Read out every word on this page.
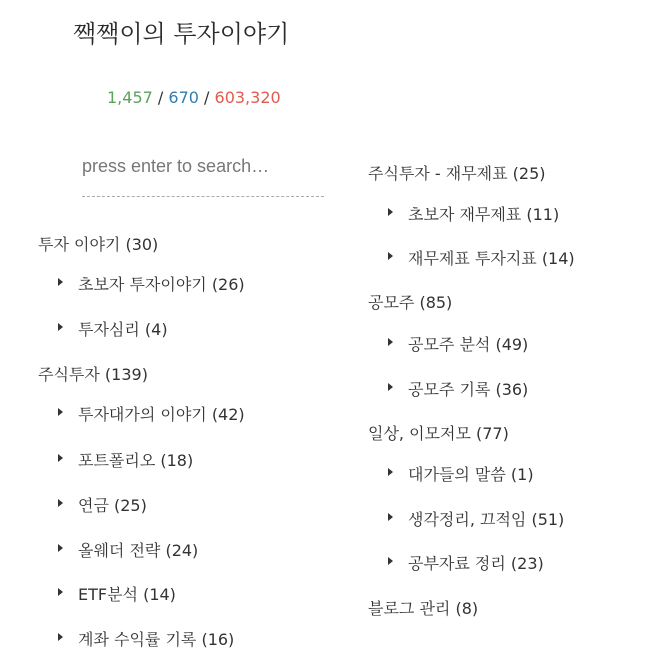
짹짹이의 투자이야기
1,457 / 670 / 603,320
press enter to search…
투자 이야기 (30)
초보자 투자이야기 (26)
투자심리 (4)
주식투자 (139)
투자대가의 이야기 (42)
포트폴리오 (18)
연금 (25)
올웨더 전략 (24)
ETF분석 (14)
계좌 수익률 기록 (16)
주식투자 - 재무제표 (25)
초보자 재무제표 (11)
재무제표 투자지표 (14)
공모주 (85)
공모주 분석 (49)
공모주 기록 (36)
일상, 이모저모 (77)
대가들의 말씀 (1)
생각정리, 끄적임 (51)
공부자료 정리 (23)
블로그 관리 (8)
